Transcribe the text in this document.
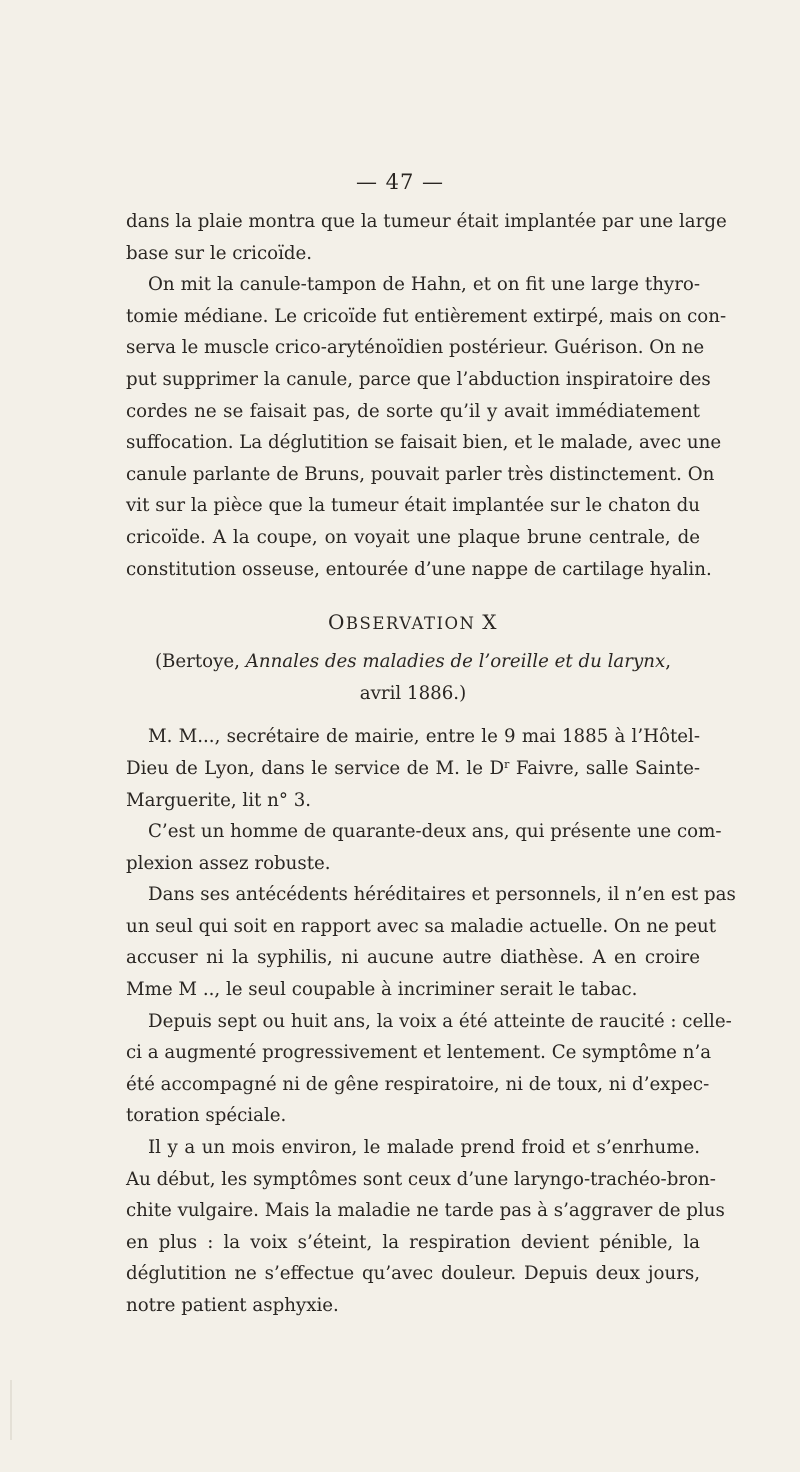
— 47 —
dans la plaie montra que la tumeur était implantée par une large
base sur le cricoïde.
On mit la canule-tampon de Hahn, et on fit une large thyro-
tomie médiane. Le cricoïde fut entièrement extirpé, mais on con-
serva le muscle crico-aryténoïdien postérieur. Guérison. On ne
put supprimer la canule, parce que l’abduction inspiratoire des
cordes ne se faisait pas, de sorte qu’il y avait immédiatement
suffocation. La déglutition se faisait bien, et le malade, avec une
canule parlante de Bruns, pouvait parler très distinctement. On
vit sur la pièce que la tumeur était implantée sur le chaton du
cricoïde. A la coupe, on voyait une plaque brune centrale, de
constitution osseuse, entourée d’une nappe de cartilage hyalin.
OBSERVATION X
(Bertoye, Annales des maladies de l’oreille et du larynx,
avril 1886.)
M. M..., secrétaire de mairie, entre le 9 mai 1885 à l’Hôtel-
Dieu de Lyon, dans le service de M. le $D^r$ Faivre, salle Sainte-
Marguerite, lit n° 3.
C’est un homme de quarante-deux ans, qui présente une com-
plexion assez robuste.
Dans ses antécédents héréditaires et personnels, il n’en est pas
un seul qui soit en rapport avec sa maladie actuelle. On ne peut
accuser ni la syphilis, ni aucune autre diathèse. A en croire
Mme M .., le seul coupable à incriminer serait le tabac.
Depuis sept ou huit ans, la voix a été atteinte de raucité : celle-
ci a augmenté progressivement et lentement. Ce symptôme n’a
été accompagné ni de gêne respiratoire, ni de toux, ni d’expec-
toration spéciale.
Il y a un mois environ, le malade prend froid et s’enrhume.
Au début, les symptômes sont ceux d’une laryngo-trachéo-bron-
chite vulgaire. Mais la maladie ne tarde pas à s’aggraver de plus
en plus : la voix s’éteint, la respiration devient pénible, la
déglutition ne s’effectue qu’avec douleur. Depuis deux jours,
notre patient asphyxie.
